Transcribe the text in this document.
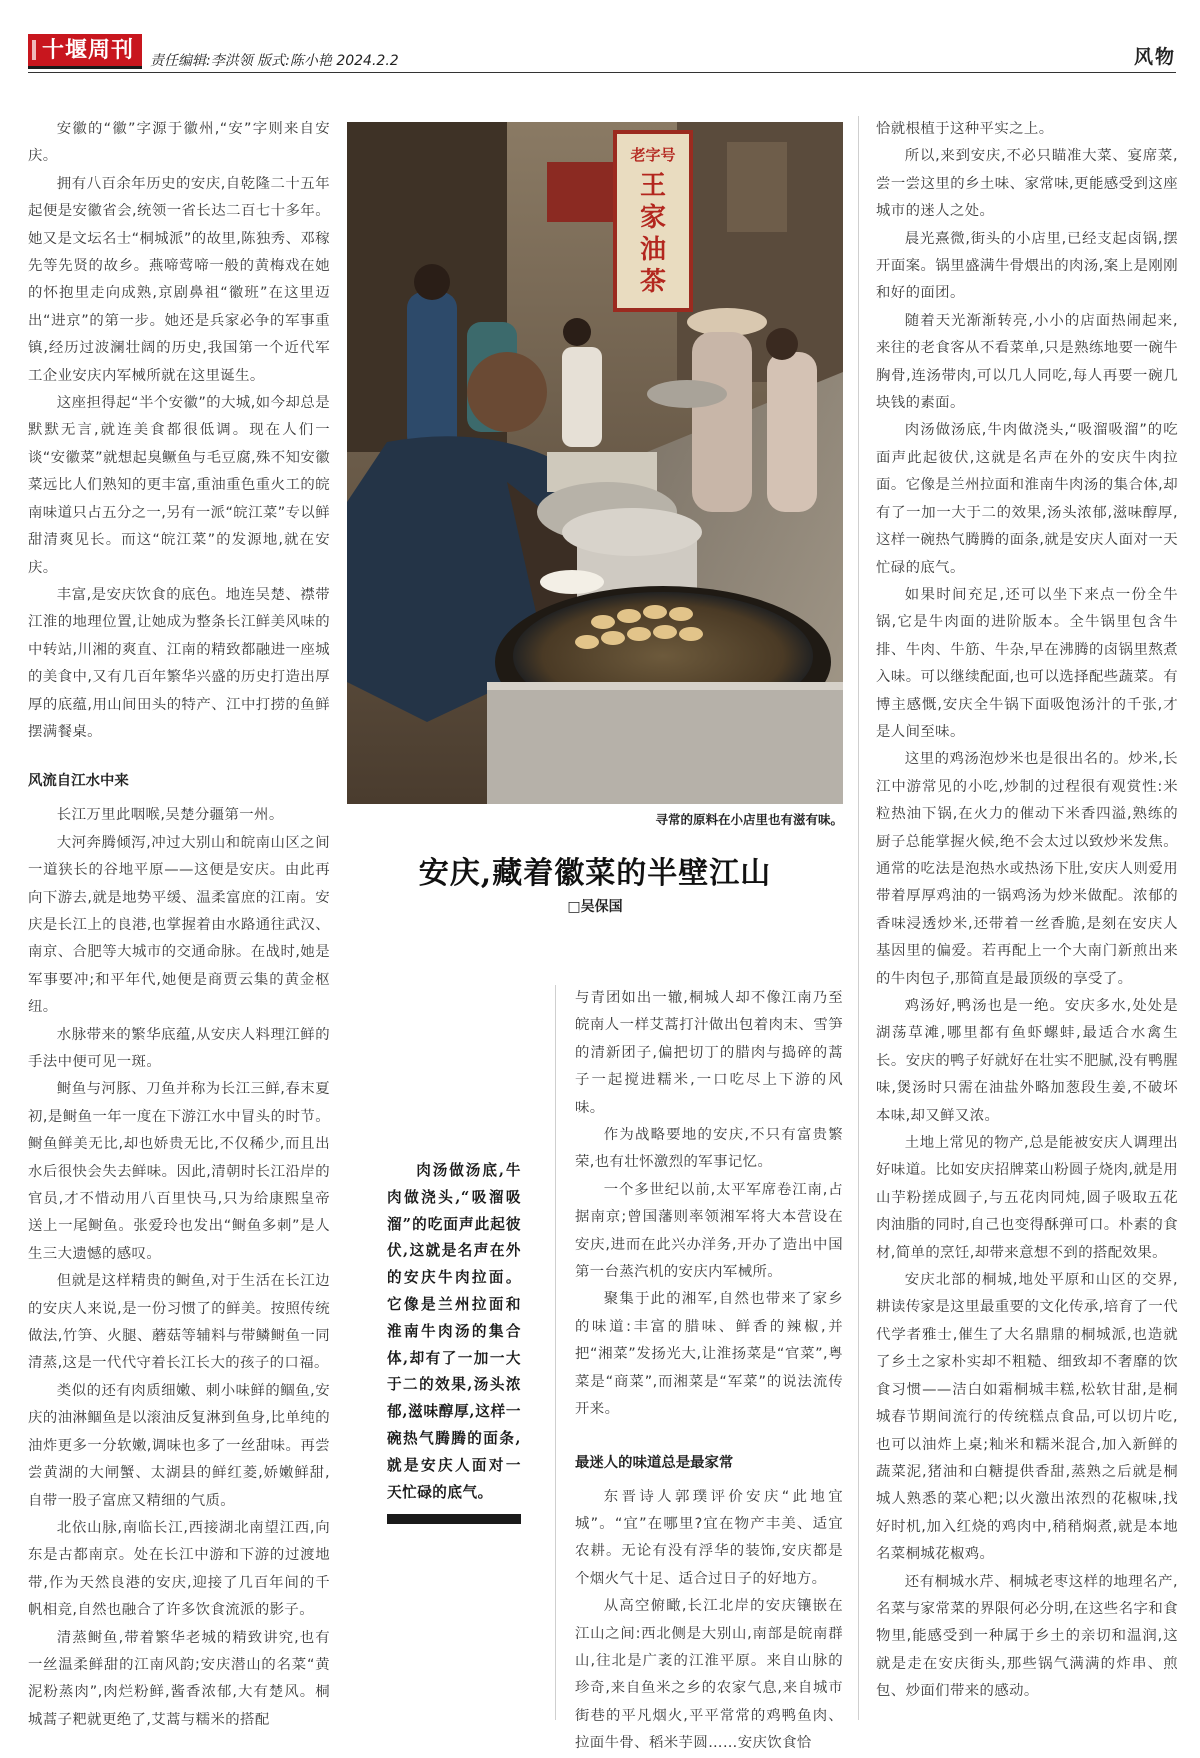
十堰周刊	责任编辑:李洪领 版式:陈小艳 2024.2.2	风物

安徽的“徽”字源于徽州,“安”字则来自安庆。

拥有八百余年历史的安庆,自乾隆二十五年起便是安徽省会,统领一省长达二百七十多年。她又是文坛名士“桐城派”的故里,陈独秀、邓稼先等先贤的故乡。燕啼莺啼一般的黄梅戏在她的怀抱里走向成熟,京剧鼻祖“徽班”在这里迈出“进京”的第一步。她还是兵家必争的军事重镇,经历过波澜壮阔的历史,我国第一个近代军工企业安庆内军械所就在这里诞生。

这座担得起“半个安徽”的大城,如今却总是默默无言,就连美食都很低调。现在人们一谈“安徽菜”就想起臭鳜鱼与毛豆腐,殊不知安徽菜远比人们熟知的更丰富,重油重色重火工的皖南味道只占五分之一,另有一派“皖江菜”专以鲜甜清爽见长。而这“皖江菜”的发源地,就在安庆。

丰富,是安庆饮食的底色。地连吴楚、襟带江淮的地理位置,让她成为整条长江鲜美风味的中转站,川湘的爽直、江南的精致都融进一座城的美食中,又有几百年繁华兴盛的历史打造出厚厚的底蕴,用山间田头的特产、江中打捞的鱼鲜摆满餐桌。

风流自江水中来

长江万里此咽喉,吴楚分疆第一州。

大河奔腾倾泻,冲过大别山和皖南山区之间一道狭长的谷地平原——这便是安庆。由此再向下游去,就是地势平缓、温柔富庶的江南。安庆是长江上的良港,也掌握着由水路通往武汉、南京、合肥等大城市的交通命脉。在战时,她是军事要冲;和平年代,她便是商贾云集的黄金枢纽。

水脉带来的繁华底蕴,从安庆人料理江鲜的手法中便可见一斑。

鲥鱼与河豚、刀鱼并称为长江三鲜,春末夏初,是鲥鱼一年一度在下游江水中冒头的时节。鲥鱼鲜美无比,却也娇贵无比,不仅稀少,而且出水后很快会失去鲜味。因此,清朝时长江沿岸的官员,才不惜动用八百里快马,只为给康熙皇帝送上一尾鲥鱼。张爱玲也发出“鲥鱼多刺”是人生三大遗憾的感叹。

但就是这样精贵的鲥鱼,对于生活在长江边的安庆人来说,是一份习惯了的鲜美。按照传统做法,竹笋、火腿、蘑菇等辅料与带鳞鲥鱼一同清蒸,这是一代代守着长江长大的孩子的口福。

类似的还有肉质细嫩、刺小味鲜的鲴鱼,安庆的油淋鲴鱼是以滚油反复淋到鱼身,比单纯的油炸更多一分软嫩,调味也多了一丝甜味。再尝尝黄湖的大闸蟹、太湖县的鲜红菱,娇嫩鲜甜,自带一股子富庶又精细的气质。

北依山脉,南临长江,西接湖北南望江西,向东是古都南京。处在长江中游和下游的过渡地带,作为天然良港的安庆,迎接了几百年间的千帆相竞,自然也融合了许多饮食流派的影子。

清蒸鲥鱼,带着繁华老城的精致讲究,也有一丝温柔鲜甜的江南风韵;安庆潜山的名菜“黄泥粉蒸肉”,肉烂粉鲜,酱香浓郁,大有楚风。桐城蒿子粑就更绝了,艾蒿与糯米的搭配

老字号
王
家
油
茶
寻常的原料在小店里也有滋有味。
安庆,藏着徽菜的半壁江山
□吴保国
肉汤做汤底,牛肉做浇头,“吸溜吸溜”的吃面声此起彼伏,这就是名声在外的安庆牛肉拉面。它像是兰州拉面和淮南牛肉汤的集合体,却有了一加一大于二的效果,汤头浓郁,滋味醇厚,这样一碗热气腾腾的面条,就是安庆人面对一天忙碌的底气。

与青团如出一辙,桐城人却不像江南乃至皖南人一样艾蒿打汁做出包着肉末、雪笋的清新团子,偏把切丁的腊肉与捣碎的蒿子一起搅进糯米,一口吃尽上下游的风味。

作为战略要地的安庆,不只有富贵繁荣,也有壮怀激烈的军事记忆。

一个多世纪以前,太平军席卷江南,占据南京;曾国藩则率领湘军将大本营设在安庆,进而在此兴办洋务,开办了造出中国第一台蒸汽机的安庆内军械所。

聚集于此的湘军,自然也带来了家乡的味道:丰富的腊味、鲜香的辣椒,并把“湘菜”发扬光大,让淮扬菜是“官菜”,粤菜是“商菜”,而湘菜是“军菜”的说法流传开来。

最迷人的味道总是最家常

东晋诗人郭璞评价安庆“此地宜城”。“宜”在哪里?宜在物产丰美、适宜农耕。无论有没有浮华的装饰,安庆都是个烟火气十足、适合过日子的好地方。

从高空俯瞰,长江北岸的安庆镶嵌在江山之间:西北侧是大别山,南部是皖南群山,往北是广袤的江淮平原。来自山脉的珍奇,来自鱼米之乡的农家气息,来自城市街巷的平凡烟火,平平常常的鸡鸭鱼肉、拉面牛骨、稻米芋圆……安庆饮食恰

恰就根植于这种平实之上。

所以,来到安庆,不必只瞄准大菜、宴席菜,尝一尝这里的乡土味、家常味,更能感受到这座城市的迷人之处。

晨光熹微,街头的小店里,已经支起卤锅,摆开面案。锅里盛满牛骨煨出的肉汤,案上是刚刚和好的面团。

随着天光渐渐转亮,小小的店面热闹起来,来往的老食客从不看菜单,只是熟练地要一碗牛胸骨,连汤带肉,可以几人同吃,每人再要一碗几块钱的素面。

肉汤做汤底,牛肉做浇头,“吸溜吸溜”的吃面声此起彼伏,这就是名声在外的安庆牛肉拉面。它像是兰州拉面和淮南牛肉汤的集合体,却有了一加一大于二的效果,汤头浓郁,滋味醇厚,这样一碗热气腾腾的面条,就是安庆人面对一天忙碌的底气。

如果时间充足,还可以坐下来点一份全牛锅,它是牛肉面的进阶版本。全牛锅里包含牛排、牛肉、牛筋、牛杂,早在沸腾的卤锅里熬煮入味。可以继续配面,也可以选择配些蔬菜。有博主感慨,安庆全牛锅下面吸饱汤汁的千张,才是人间至味。

这里的鸡汤泡炒米也是很出名的。炒米,长江中游常见的小吃,炒制的过程很有观赏性:米粒热油下锅,在火力的催动下米香四溢,熟练的厨子总能掌握火候,绝不会太过以致炒米发焦。通常的吃法是泡热水或热汤下肚,安庆人则爱用带着厚厚鸡油的一锅鸡汤为炒米做配。浓郁的香味浸透炒米,还带着一丝香脆,是刻在安庆人基因里的偏爱。若再配上一个大南门新煎出来的牛肉包子,那简直是最顶级的享受了。

鸡汤好,鸭汤也是一绝。安庆多水,处处是湖荡草滩,哪里都有鱼虾螺蚌,最适合水禽生长。安庆的鸭子好就好在壮实不肥腻,没有鸭腥味,煲汤时只需在油盐外略加葱段生姜,不破坏本味,却又鲜又浓。

土地上常见的物产,总是能被安庆人调理出好味道。比如安庆招牌菜山粉圆子烧肉,就是用山芋粉搓成圆子,与五花肉同炖,圆子吸取五花肉油脂的同时,自己也变得酥弹可口。朴素的食材,简单的烹饪,却带来意想不到的搭配效果。

安庆北部的桐城,地处平原和山区的交界,耕读传家是这里最重要的文化传承,培育了一代代学者雅士,催生了大名鼎鼎的桐城派,也造就了乡土之家朴实却不粗糙、细致却不奢靡的饮食习惯——洁白如霜桐城丰糕,松软甘甜,是桐城春节期间流行的传统糕点食品,可以切片吃,也可以油炸上桌;籼米和糯米混合,加入新鲜的蔬菜泥,猪油和白糖提供香甜,蒸熟之后就是桐城人熟悉的菜心粑;以火激出浓烈的花椒味,找好时机,加入红烧的鸡肉中,稍稍焖煮,就是本地名菜桐城花椒鸡。

还有桐城水芹、桐城老枣这样的地理名产,名菜与家常菜的界限何必分明,在这些名字和食物里,能感受到一种属于乡土的亲切和温润,这就是走在安庆街头,那些锅气满满的炸串、煎包、炒面们带来的感动。
